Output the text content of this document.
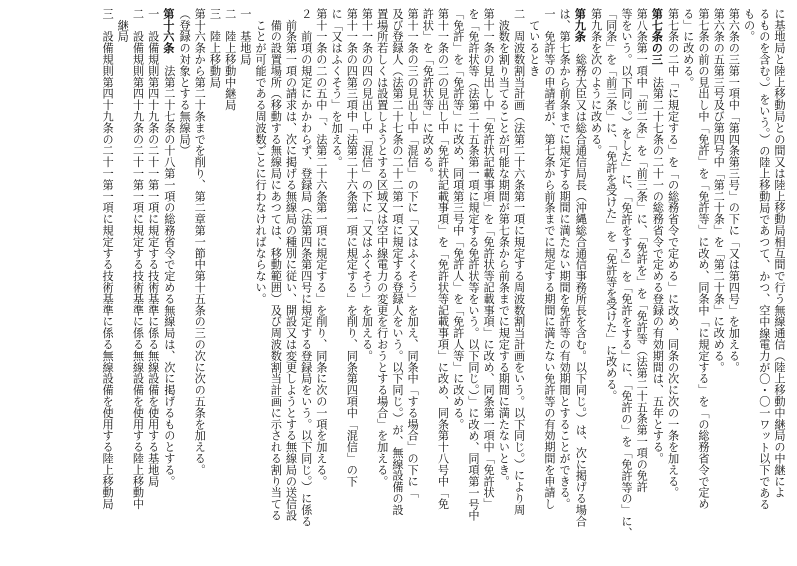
に基地局と陸上移動局との間又は陸上移動局相互間で行う無線通信（陸上移動中継局の中継によ
るものを含む。）をいう。）の陸上移動局であつて、かつ、空中線電力が〇・〇一ワット以下である
もの。
第六条の三第一項中「第四条第三号」の下に「又は第四号」を加える。
第六条の五第三号及び第四号中「第二十条」を「第二十条」に改める。
第七条の前の見出し中「免許」を「免許等」に改め、同条中「に規定する」を「の総務省令で定め
る」に改める。
第七条の二中「に規定する」を「の総務省令で定める」に改め、同条の次に次の一条を加える。
第七条の三　法第二十七条の二十一の総務省令で定める登録の有効期間は、五年とする。
第八条第一項中「前二条」を「前三条」に、「免許を」を「免許等（法第二十五条第一項の免許
等をいう。以下同じ。）をした」に、「免許をする」を「免許をする」に、「免許の」を「免許等の」に、
「同条」を「前三条」に、「免許を受けた」を「免許等を受けた」に改める。
第九条を次のように改める。
第九条　総務大臣又は総合通信局長（沖縄総合通信事務所長を含む。以下同じ。）は、次に掲げる場合
は、第七条から前条までに規定する期間に満たない期間を免許等の有効期間とすることができる。
一　免許等の申請者が、第七条から前条までに規定する期間に満たない免許等の有効期間を申請し
　ているとき
二　周波数割当計画（法第二十六条第一項に規定する周波数割当計画をいう。以下同じ。）により周
　波数を割り当てることが可能な期間が第七条から前条までに規定する期間に満たないとき。
第十一条の見出し中「免許状記載事項」を「免許状等記載事項」に改め、同条第一項中「免許状」
を「免許状等（法第二十五条第一項に規定する免許状等をいう。以下同じ。）」に改め、同項第一号中
「免許」を「免許等」に改め、同項第三号中「免許人」を「免許人等」に改める。
第十一条の二の見出し中「免許状記載事項」を「免許状等記載事項」に改め、同条第十八号中「免
許状」を「免許状等」に改める。
第十一条の三の見出し中「混信」の下に「又はふくそう」を加え、同条中「する場合」の下に「
及び登録人（法第二十七条の二十二第一項に規定する登録人をいう。以下同じ。）が、無線設備の設
置場所若しくは設置しようとする区域又は空中線電力の変更を行おうとする場合」を加える。
第十一条の四の見出し中「混信」の下に「又はふくそう」を加える。
第十一条の四第三項中「法第二十六条第一項に規定する」を削り、同条第四項中「混信」の下
に「又はふくそう」を加える。
第十一条の二の五中「、法第二十六条第一項に規定する」を削り、同条に次の一項を加える。
２　前項の規定にかかわらず、登録局（法第四条第四号に規定する登録局をいう。以下同じ。）に係る
　前条第一項の請求は、次に掲げる無線局の種別に従い、開設又は変更しようとする無線局の送信設
　備の設置場所（移動する無線局にあつては、移動範囲）及び周波数割当計画に示される割り当てる
　ことが可能である周波数ごとに行わなければならない。
一　基地局
二　陸上移動中継局
三　陸上移動局
第十六条から第二十条までを削り、第二章第一節中第十五条の三の次に次の五条を加える。
（登録の対象とする無線局）
第十六条　法第二十七条の十八第一項の総務省令で定める無線局は、次に掲げるものとする。
一　設備規則第四十九条の二十一第一項に規定する技術基準に係る無線設備を使用する基地局
二　設備規則第四十九条の二十一第一項に規定する技術基準に係る無線設備を使用する陸上移動中
　継局
三　設備規則第四十九条の二十一第一項に規定する技術基準に係る無線設備を使用する陸上移動局
